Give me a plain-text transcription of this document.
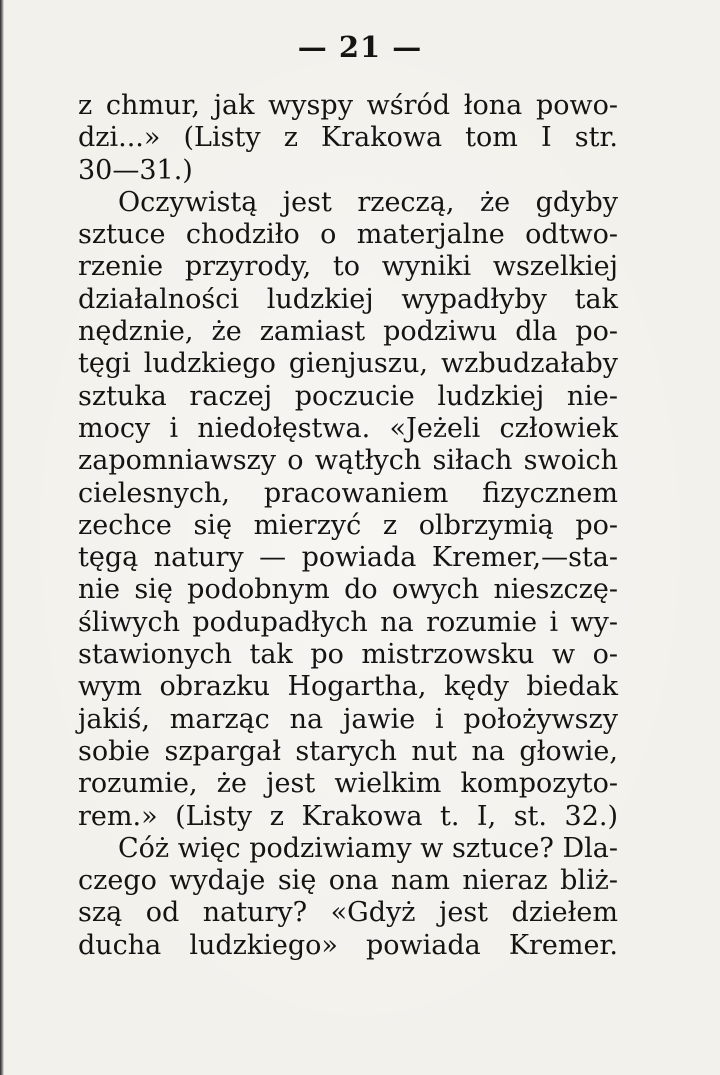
— 21 —
z chmur, jak wyspy wśród łona powo-
dzi...» (Listy z Krakowa tom I str.
30—31.)
Oczywistą jest rzeczą, że gdyby
sztuce chodziło o materjalne odtwo-
rzenie przyrody, to wyniki wszelkiej
działalności ludzkiej wypadłyby tak
nędznie, że zamiast podziwu dla po-
tęgi ludzkiego gienjuszu, wzbudzałaby
sztuka raczej poczucie ludzkiej nie-
mocy i niedołęstwa. «Jeżeli człowiek
zapomniawszy o wątłych siłach swoich
cielesnych, pracowaniem fizycznem
zechce się mierzyć z olbrzymią po-
tęgą natury — powiada Kremer,—sta-
nie się podobnym do owych nieszczę-
śliwych podupadłych na rozumie i wy-
stawionych tak po mistrzowsku w o-
wym obrazku Hogartha, kędy biedak
jakiś, marząc na jawie i położywszy
sobie szpargał starych nut na głowie,
rozumie, że jest wielkim kompozyto-
rem.» (Listy z Krakowa t. I, st. 32.)
Cóż więc podziwiamy w sztuce? Dla-
czego wydaje się ona nam nieraz bliż-
szą od natury? «Gdyż jest dziełem
ducha ludzkiego» powiada Kremer.
